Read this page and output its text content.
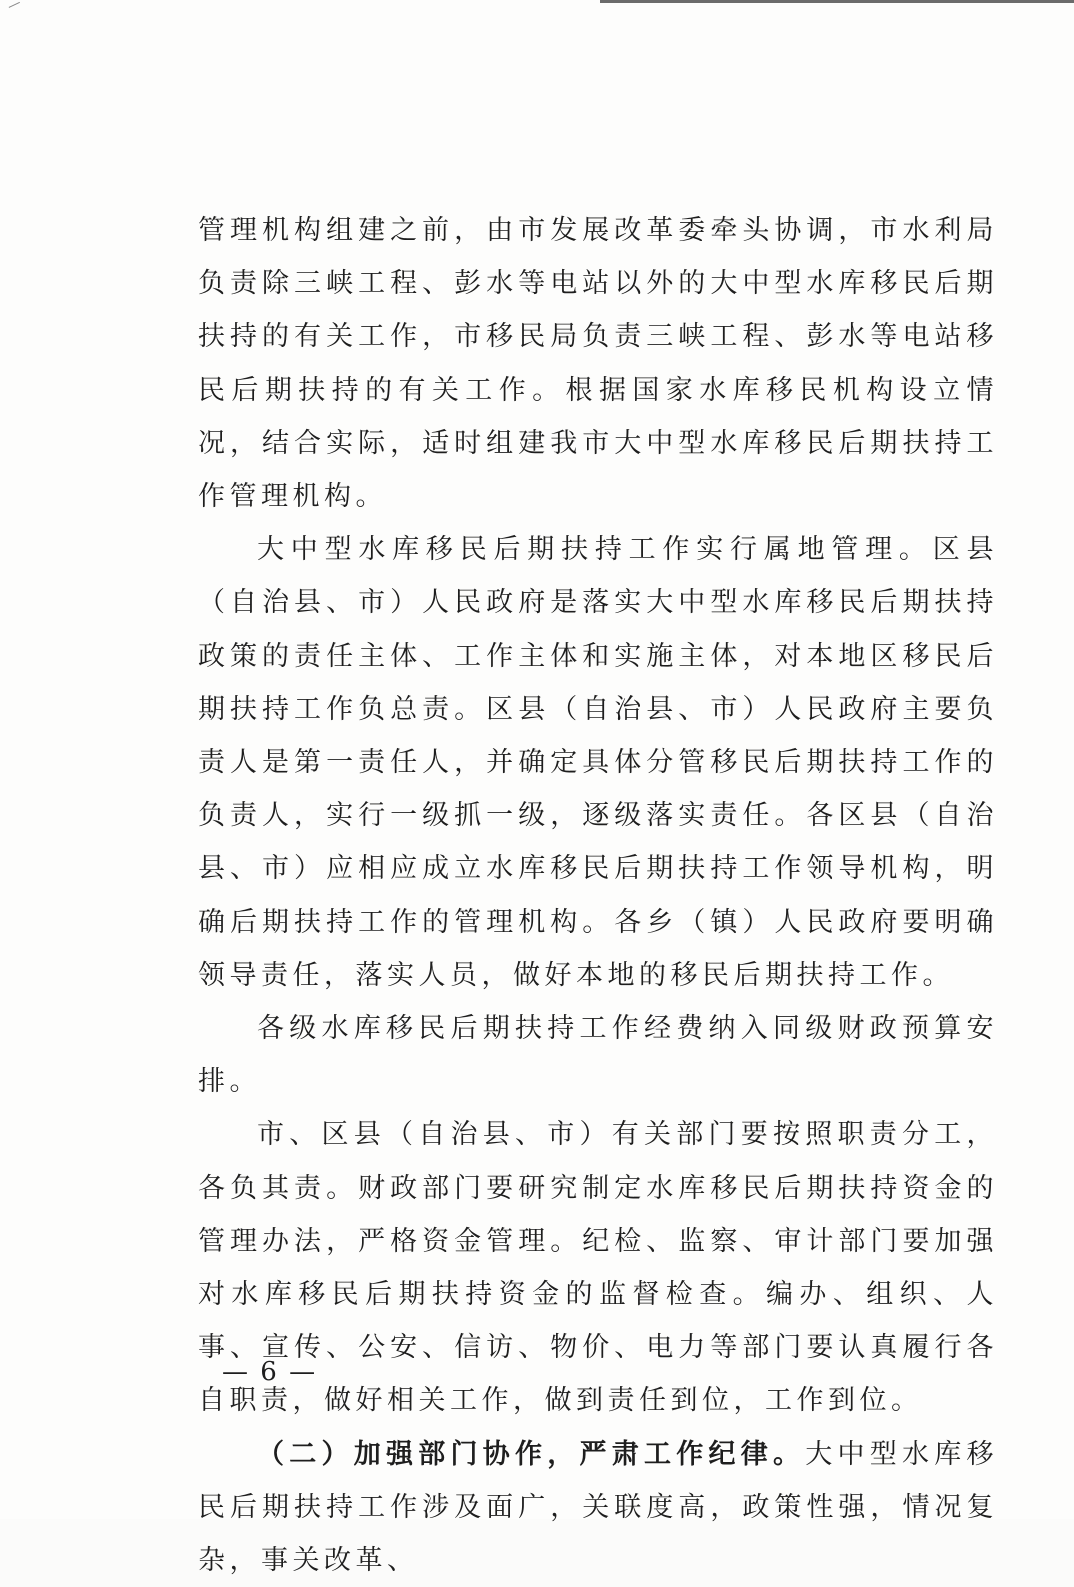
管理机构组建之前，由市发展改革委牵头协调，市水利局负责除三峡工程、彭水等电站以外的大中型水库移民后期扶持的有关工作，市移民局负责三峡工程、彭水等电站移民后期扶持的有关工作。根据国家水库移民机构设立情况，结合实际，适时组建我市大中型水库移民后期扶持工作管理机构。

大中型水库移民后期扶持工作实行属地管理。区县（自治县、市）人民政府是落实大中型水库移民后期扶持政策的责任主体、工作主体和实施主体，对本地区移民后期扶持工作负总责。区县（自治县、市）人民政府主要负责人是第一责任人，并确定具体分管移民后期扶持工作的负责人，实行一级抓一级，逐级落实责任。各区县（自治县、市）应相应成立水库移民后期扶持工作领导机构，明确后期扶持工作的管理机构。各乡（镇）人民政府要明确领导责任，落实人员，做好本地的移民后期扶持工作。

各级水库移民后期扶持工作经费纳入同级财政预算安排。

市、区县（自治县、市）有关部门要按照职责分工，各负其责。财政部门要研究制定水库移民后期扶持资金的管理办法，严格资金管理。纪检、监察、审计部门要加强对水库移民后期扶持资金的监督检查。编办、组织、人事、宣传、公安、信访、物价、电力等部门要认真履行各自职责，做好相关工作，做到责任到位，工作到位。

（二）加强部门协作，严肃工作纪律。大中型水库移民后期扶持工作涉及面广，关联度高，政策性强，情况复杂，事关改革、

— 6 —
